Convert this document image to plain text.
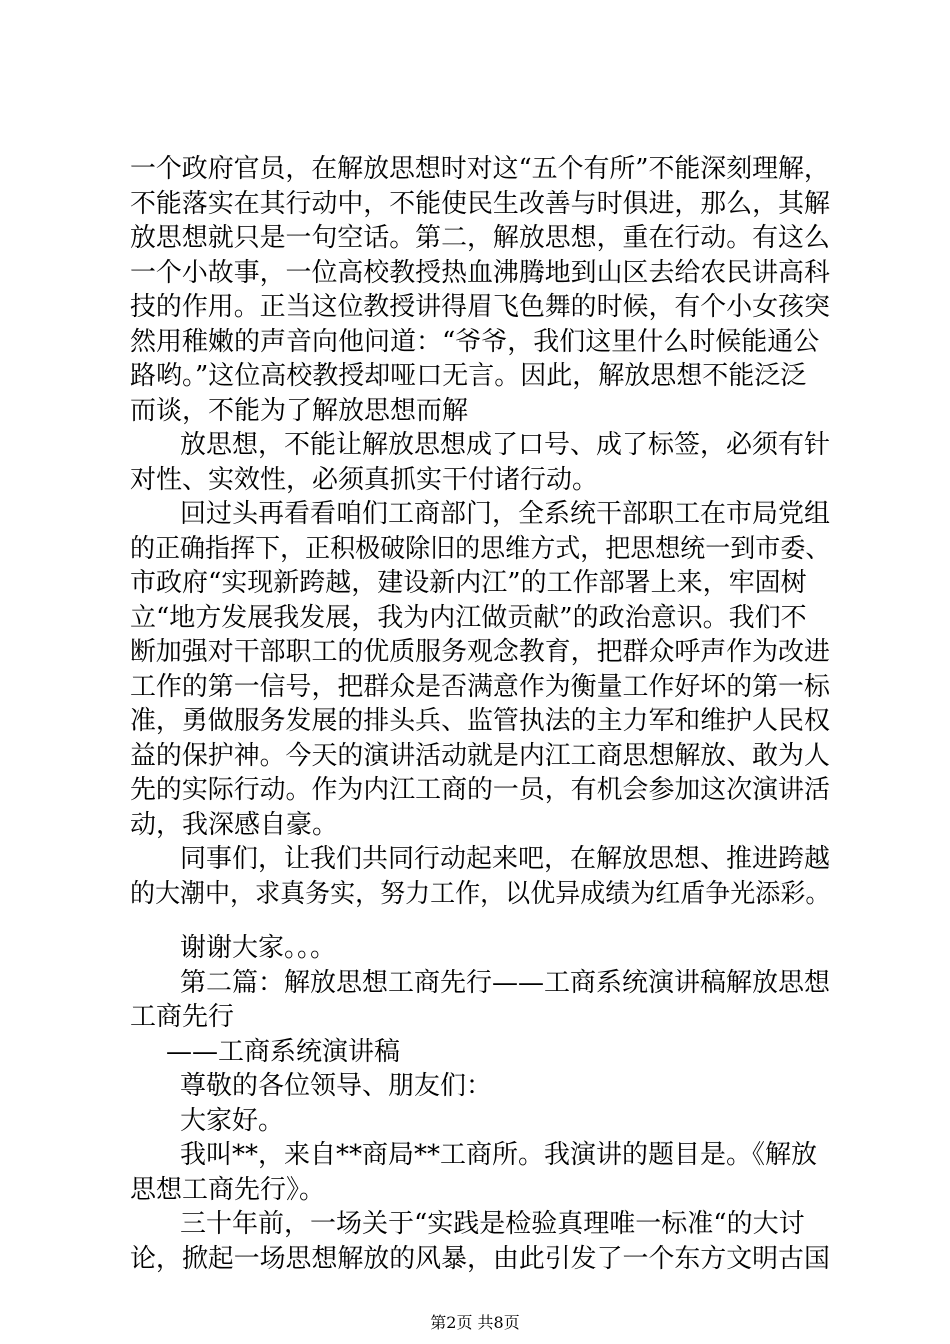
一个政府官员，在解放思想时对这“五个有所”不能深刻理解，
不能落实在其行动中，不能使民生改善与时俱进，那么，其解
放思想就只是一句空话。第二，解放思想，重在行动。有这么
一个小故事，一位高校教授热血沸腾地到山区去给农民讲高科
技的作用。正当这位教授讲得眉飞色舞的时候，有个小女孩突
然用稚嫩的声音向他问道：“爷爷，我们这里什么时候能通公
路哟。”这位高校教授却哑口无言。因此，解放思想不能泛泛
而谈，不能为了解放思想而解
放思想，不能让解放思想成了口号、成了标签，必须有针
对性、实效性，必须真抓实干付诸行动。
回过头再看看咱们工商部门，全系统干部职工在市局党组
的正确指挥下，正积极破除旧的思维方式，把思想统一到市委、
市政府“实现新跨越，建设新内江”的工作部署上来，牢固树
立“地方发展我发展，我为内江做贡献”的政治意识。我们不
断加强对干部职工的优质服务观念教育，把群众呼声作为改进
工作的第一信号，把群众是否满意作为衡量工作好坏的第一标
准，勇做服务发展的排头兵、监管执法的主力军和维护人民权
益的保护神。今天的演讲活动就是内江工商思想解放、敢为人
先的实际行动。作为内江工商的一员，有机会参加这次演讲活
动，我深感自豪。
同事们，让我们共同行动起来吧，在解放思想、推进跨越
的大潮中，求真务实，努力工作，以优异成绩为红盾争光添彩。
谢谢大家。。。
第二篇：解放思想工商先行——工商系统演讲稿解放思想
工商先行
——工商系统演讲稿
尊敬的各位领导、朋友们：
大家好。
我叫**，来自**商局**工商所。我演讲的题目是。《解放
思想工商先行》。
三十年前，一场关于“实践是检验真理唯一标准“的大讨
论，掀起一场思想解放的风暴，由此引发了一个东方文明古国
第2页 共8页
